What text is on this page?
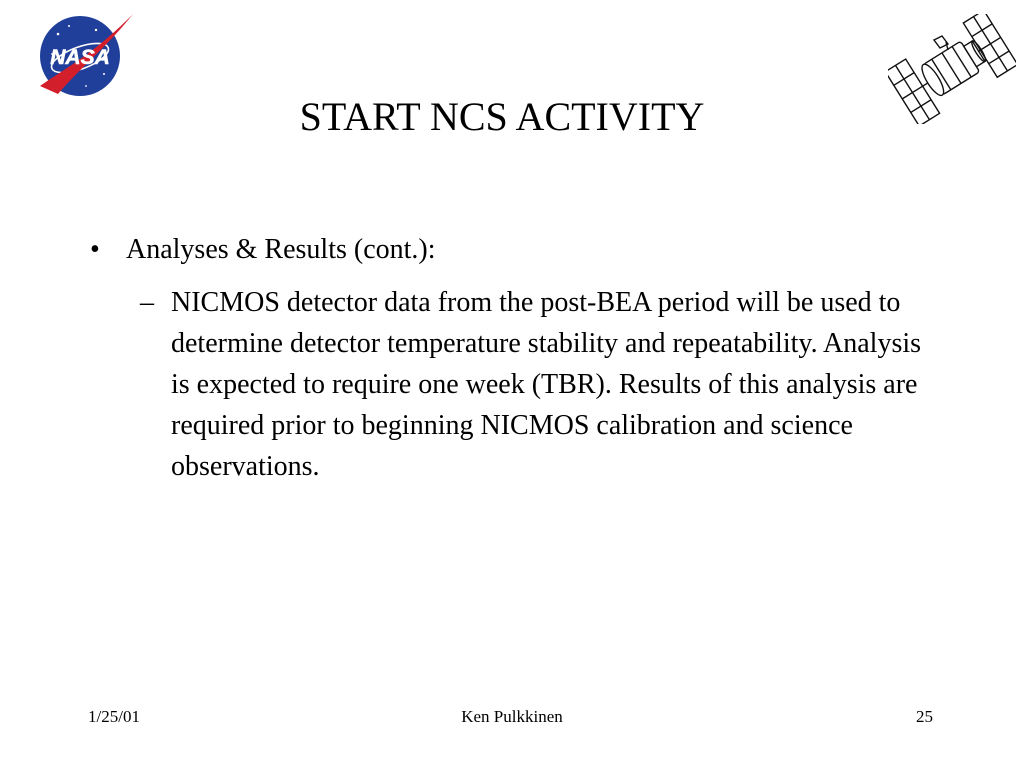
NASA
START NCS ACTIVITY
• Analyses & Results (cont.):
– NICMOS detector data from the post-BEA period will be used to determine detector temperature stability and repeatability. Analysis is expected to require one week (TBR). Results of this analysis are required prior to beginning NICMOS calibration and science observations.
1/25/01	Ken Pulkkinen	25
